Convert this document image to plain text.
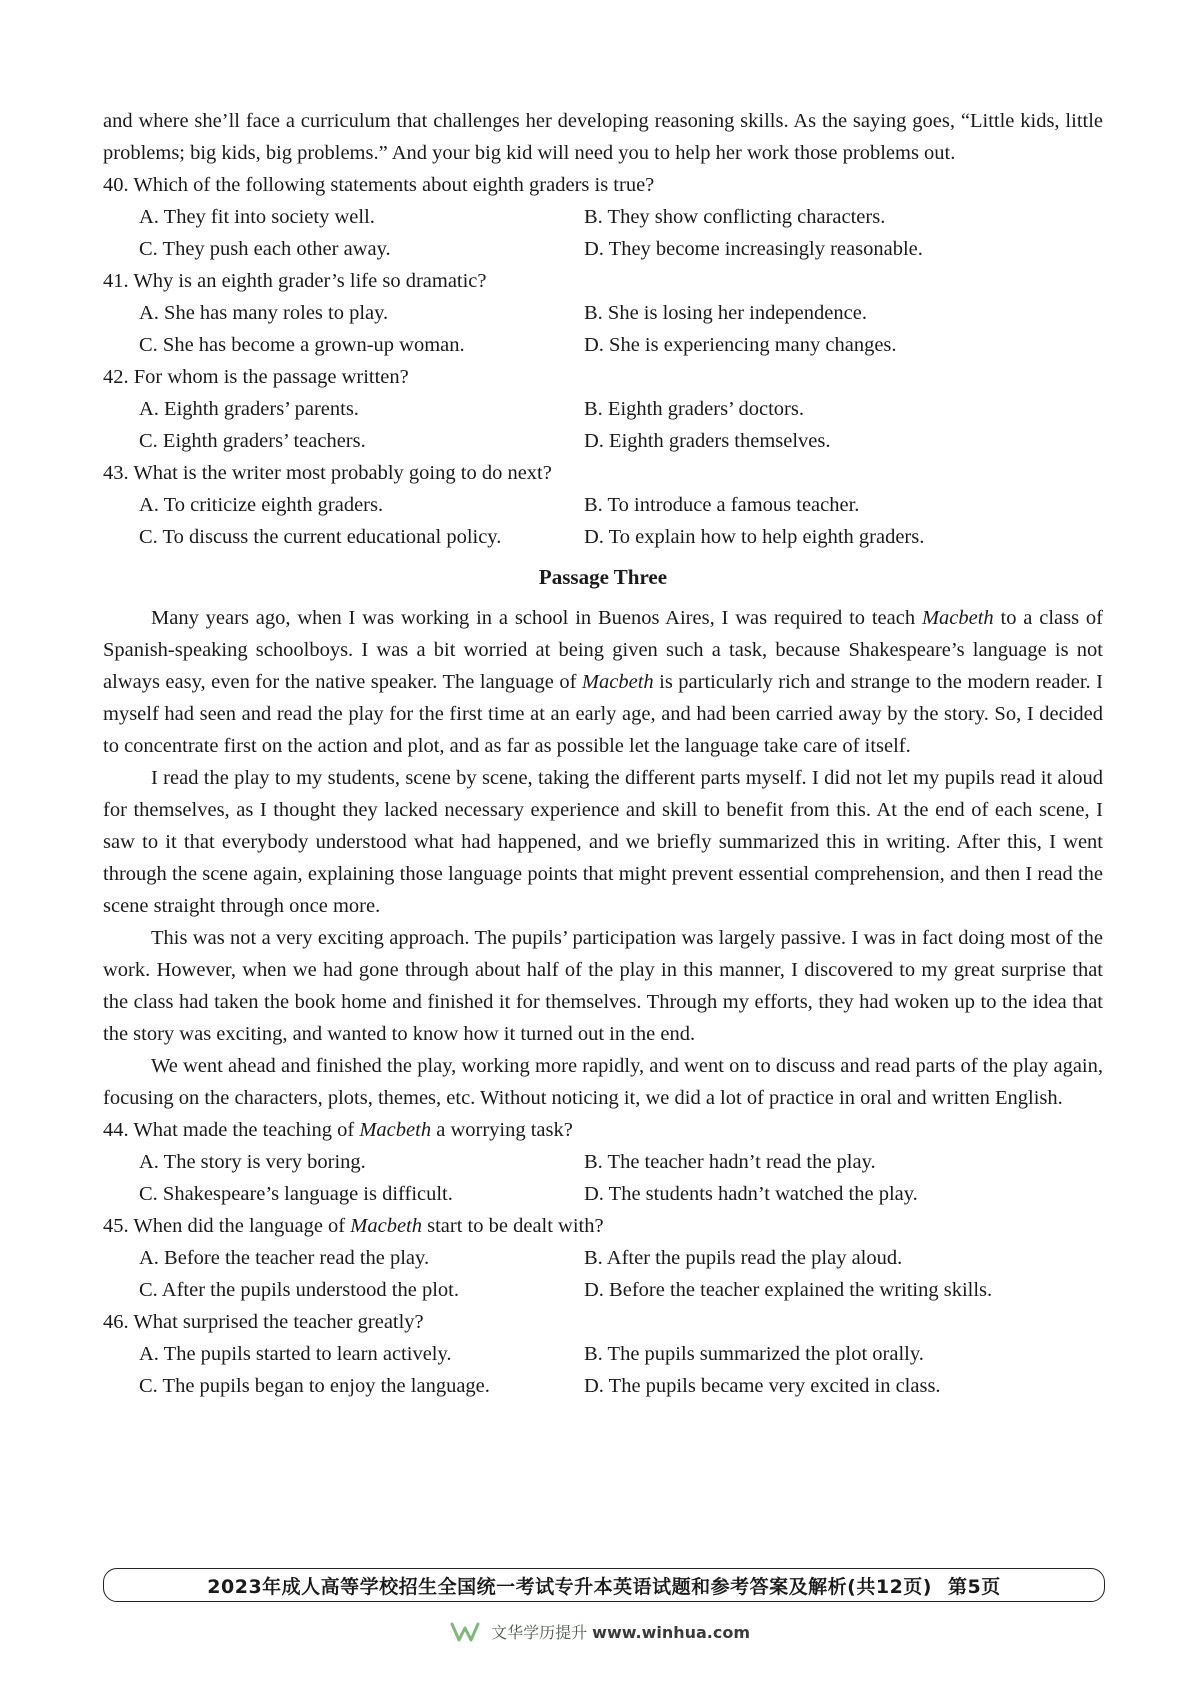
and where she’ll face a curriculum that challenges her developing reasoning skills. As the saying goes, “Little kids, little problems; big kids, big problems.” And your big kid will need you to help her work those problems out.

40. Which of the following statements about eighth graders is true?

A. They fit into society well.	B. They show conflicting characters.
C. They push each other away.	D. They become increasingly reasonable.

41. Why is an eighth grader’s life so dramatic?

A. She has many roles to play.	B. She is losing her independence.
C. She has become a grown-up woman.	D. She is experiencing many changes.

42. For whom is the passage written?

A. Eighth graders’ parents.	B. Eighth graders’ doctors.
C. Eighth graders’ teachers.	D. Eighth graders themselves.

43. What is the writer most probably going to do next?

A. To criticize eighth graders.	B. To introduce a famous teacher.
C. To discuss the current educational policy.	D. To explain how to help eighth graders.
Passage Three

Many years ago, when I was working in a school in Buenos Aires, I was required to teach Macbeth to a class of Spanish-speaking schoolboys. I was a bit worried at being given such a task, because Shakespeare’s language is not always easy, even for the native speaker. The language of Macbeth is particularly rich and strange to the modern reader. I myself had seen and read the play for the first time at an early age, and had been carried away by the story. So, I decided to concentrate first on the action and plot, and as far as possible let the language take care of itself.

I read the play to my students, scene by scene, taking the different parts myself. I did not let my pupils read it aloud for themselves, as I thought they lacked necessary experience and skill to benefit from this. At the end of each scene, I saw to it that everybody understood what had happened, and we briefly summarized this in writing. After this, I went through the scene again, explaining those language points that might prevent essential comprehension, and then I read the scene straight through once more.

This was not a very exciting approach. The pupils’ participation was largely passive. I was in fact doing most of the work. However, when we had gone through about half of the play in this manner, I discovered to my great surprise that the class had taken the book home and finished it for themselves. Through my efforts, they had woken up to the idea that the story was exciting, and wanted to know how it turned out in the end.

We went ahead and finished the play, working more rapidly, and went on to discuss and read parts of the play again, focusing on the characters, plots, themes, etc. Without noticing it, we did a lot of practice in oral and written English.

44. What made the teaching of Macbeth a worrying task?

A. The story is very boring.	B. The teacher hadn’t read the play.
C. Shakespeare’s language is difficult.	D. The students hadn’t watched the play.

45. When did the language of Macbeth start to be dealt with?

A. Before the teacher read the play.	B. After the pupils read the play aloud.
C. After the pupils understood the plot.	D. Before the teacher explained the writing skills.

46. What surprised the teacher greatly?

A. The pupils started to learn actively.	B. The pupils summarized the plot orally.
C. The pupils began to enjoy the language.	D. The pupils became very excited in class.
2023年成人高等学校招生全国统一考试专升本英语试题和参考答案及解析(共12页) 第5页
文华学历提升 www.winhua.com
